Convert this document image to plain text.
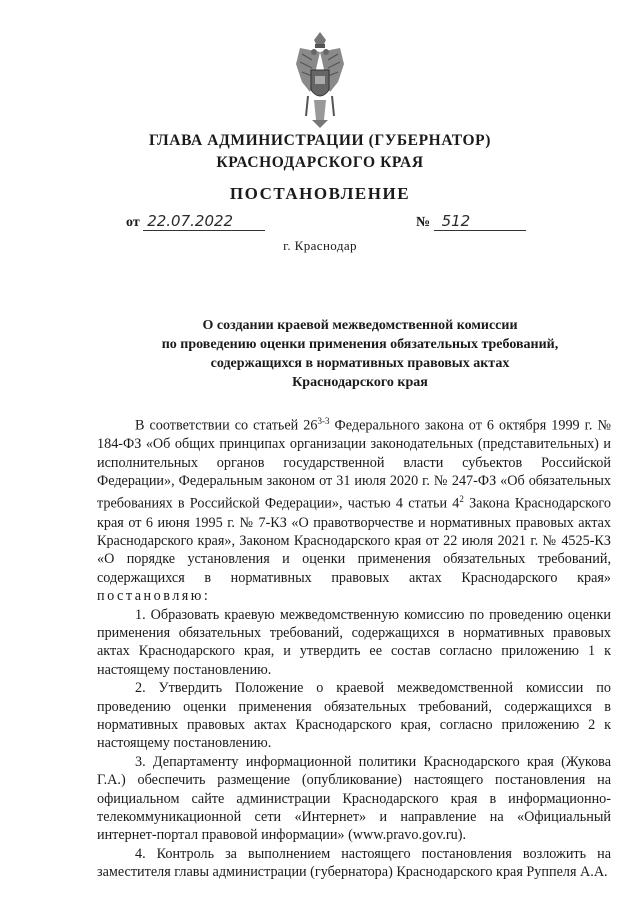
ГЛАВА АДМИНИСТРАЦИИ (ГУБЕРНАТОР)
КРАСНОДАРСКОГО КРАЯ
ПОСТАНОВЛЕНИЕ
от 22.07.2022	№ 512
г. Краснодар
О создании краевой межведомственной комиссии
по проведению оценки применения обязательных требований,
содержащихся в нормативных правовых актах
Краснодарского края

В соответствии со статьей 26$^{3-3}$ Федерального закона от 6 октября 1999 г. № 184-ФЗ «Об общих принципах организации законодательных (представительных) и исполнительных органов государственной власти субъектов Российской Федерации», Федеральным законом от 31 июля 2020 г. № 247-ФЗ «Об обязательных требованиях в Российской Федерации», частью 4 статьи $4^2$ Закона Краснодарского края от 6 июня 1995 г. № 7-КЗ «О правотворчестве и нормативных правовых актах Краснодарского края», Законом Краснодарского края от 22 июля 2021 г. № 4525-КЗ «О порядке установления и оценки применения обязательных требований, содержащихся в нормативных правовых актах Краснодарского края» постановляю:

1. Образовать краевую межведомственную комиссию по проведению оценки применения обязательных требований, содержащихся в нормативных правовых актах Краснодарского края, и утвердить ее состав согласно приложению 1 к настоящему постановлению.

2. Утвердить Положение о краевой межведомственной комиссии по проведению оценки применения обязательных требований, содержащихся в нормативных правовых актах Краснодарского края, согласно приложению 2 к настоящему постановлению.

3. Департаменту информационной политики Краснодарского края (Жукова Г.А.) обеспечить размещение (опубликование) настоящего постановления на официальном сайте администрации Краснодарского края в информационно-телекоммуникационной сети «Интернет» и направление на «Официальный интернет-портал правовой информации» (www.pravo.gov.ru).

4. Контроль за выполнением настоящего постановления возложить на заместителя главы администрации (губернатора) Краснодарского края Руппеля А.А.
